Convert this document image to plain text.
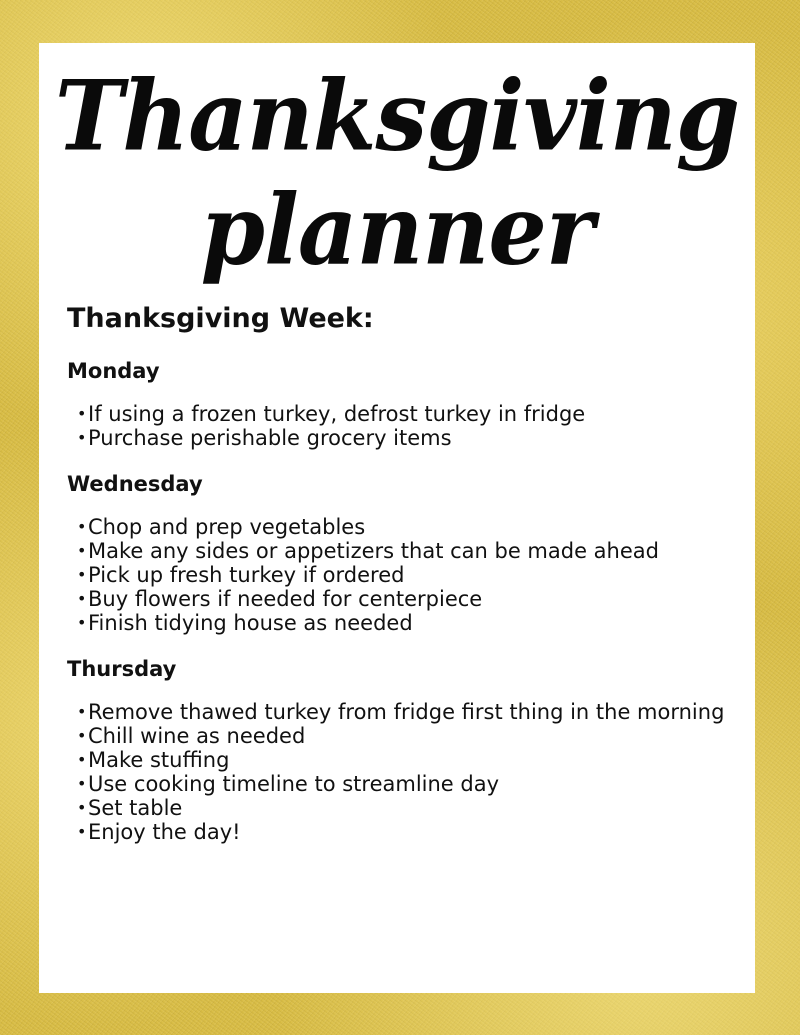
Thanksgiving
planner
Thanksgiving Week:
Monday
•If using a frozen turkey, defrost turkey in fridge
•Purchase perishable grocery items
Wednesday
•Chop and prep vegetables
•Make any sides or appetizers that can be made ahead
•Pick up fresh turkey if ordered
•Buy flowers if needed for centerpiece
•Finish tidying house as needed
Thursday
•Remove thawed turkey from fridge first thing in the morning
•Chill wine as needed
•Make stuffing
•Use cooking timeline to streamline day
•Set table
•Enjoy the day!
